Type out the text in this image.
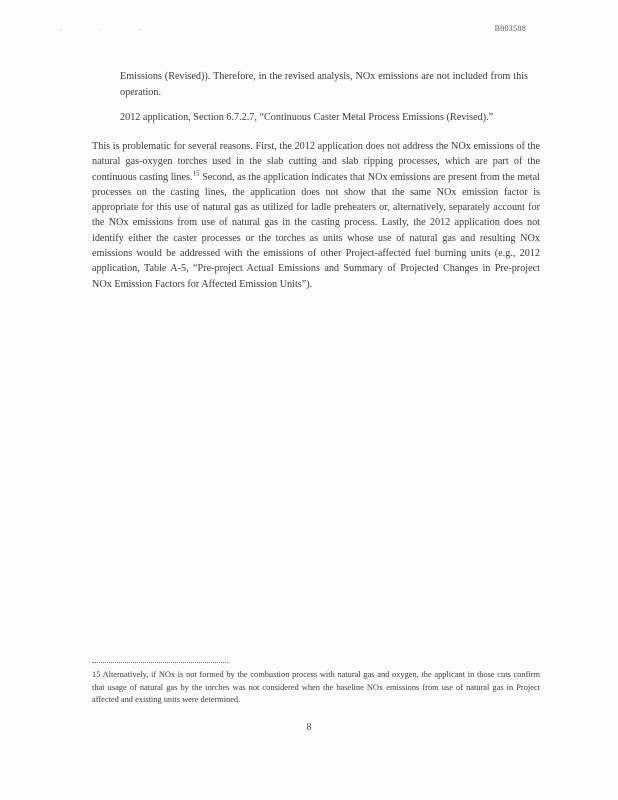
. . .	B003588
Emissions (Revised)). Therefore, in the revised analysis, NOx emissions are not included from this operation.
2012 application, Section 6.7.2.7, “Continuous Caster Metal Process Emissions (Revised).”
This is problematic for several reasons. First, the 2012 application does not address the NOx emissions of the natural gas-oxygen torches used in the slab cutting and slab ripping processes, which are part of the continuous casting lines.$^{15}$ Second, as the application indicates that NOx emissions are present from the metal processes on the casting lines, the application does not show that the same NOx emission factor is appropriate for this use of natural gas as utilized for ladle preheaters or, alternatively, separately account for the NOx emissions from use of natural gas in the casting process. Lastly, the 2012 application does not identify either the caster processes or the torches as units whose use of natural gas and resulting NOx emissions would be addressed with the emissions of other Project-affected fuel burning units (e.g., 2012 application, Table A-5, “Pre-project Actual Emissions and Summary of Projected Changes in Pre-project NOx Emission Factors for Affected Emission Units”).
15 Alternatively, if NOx is not formed by the combustion process with natural gas and oxygen, the applicant in those cuts confirm that usage of natural gas by the torches was not considered when the baseline NOx emissions from use of natural gas in Project affected and existing units were determined.
8
